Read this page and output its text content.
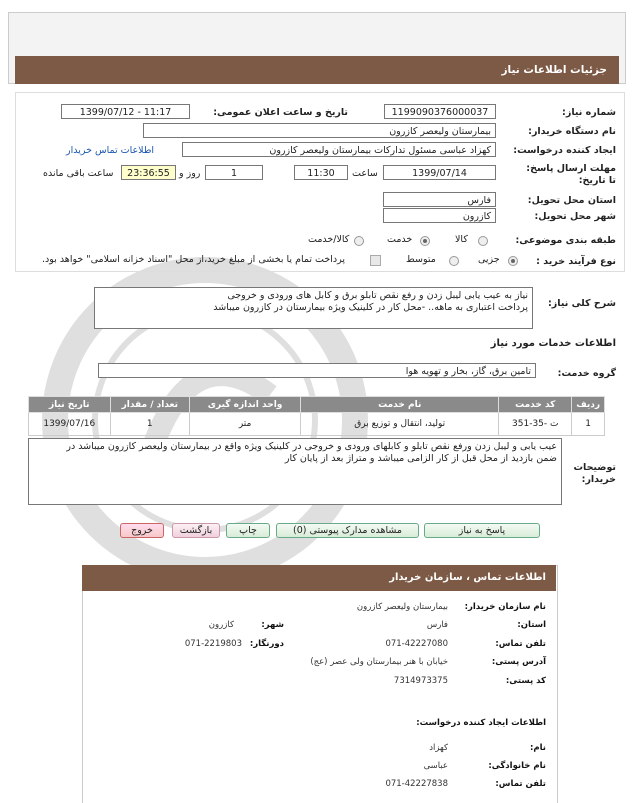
جزئیات اطلاعات نیاز
شماره نیاز:
1199090376000037
تاریخ و ساعت اعلان عمومی:
1399/07/12 - 11:17
نام دستگاه خریدار:
بیمارستان ولیعصر کازرون
ایجاد کننده درخواست:
کهزاد عباسی مسئول تدارکات بیمارستان ولیعصر کازرون
اطلاعات تماس خریدار
مهلت ارسال پاسخ: تا تاریخ:
1399/07/14
ساعت
11:30
1
روز و
23:36:55
ساعت باقی مانده
استان محل تحویل:
فارس
شهر محل تحویل:
کازرون
طبقه بندی موضوعی:
کالا
خدمت
کالا/خدمت
نوع فرآیند خرید :
جزیی
متوسط
پرداخت تمام یا بخشی از مبلغ خرید،از محل "اسناد خزانه اسلامی" خواهد بود.
شرح کلی نیاز:
نیاز به عیب یابی لیبل زدن و رفع نقص تابلو برق و کابل های ورودی و خروجی
پرداخت اعتباری به ماهه.. -محل کار در کلینیک ویژه بیمارستان در کازرون میباشد
اطلاعات خدمات مورد نیاز
گروه خدمت:
تامین برق، گاز، بخار و تهویه هوا
ردیف	کد خدمت	نام خدمت	واحد اندازه گیری	تعداد / مقدار	تاریخ نیاز
1	ت -35-351	تولید، انتقال و توزیع برق	متر	1	1399/07/16
توضیحات خریدار:
عیب یابی و لیبل زدن ورفع نقص تابلو و کابلهای ورودی و خروجی در کلینیک ویژه واقع در بیمارستان ولیعصر کازرون میباشد در
ضمن بازدید از محل قبل از کار الزامی میباشد و متراژ بعد از پایان کار
پاسخ به نیاز
مشاهده مدارک پیوستی (0)
چاپ
بازگشت
خروج
اطلاعات تماس ، سازمان خریدار
نام سازمان خریدار:
بیمارستان ولیعصر کازرون
استان:
فارس
شهر:
کازرون
تلفن تماس:
071-42227080
دورنگار:
071-2219803
آدرس پستی:
خیابان با هنر بیمارستان ولی عصر (عج)
کد پستی:
7314973375
اطلاعات ایجاد کننده درخواست:
نام:
کهزاد
نام خانوادگی:
عباسی
تلفن تماس:
071-42227838
